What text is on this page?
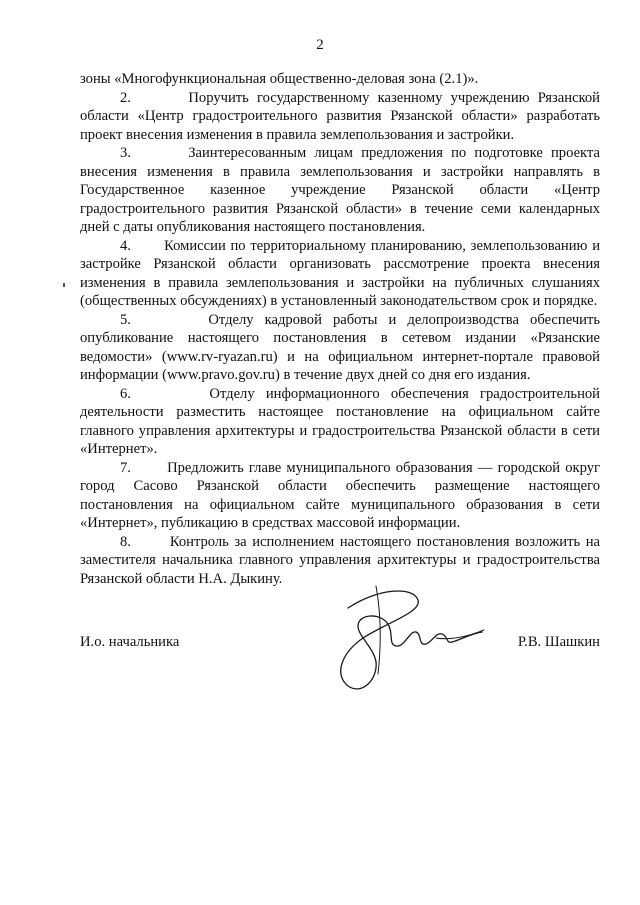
2

зоны «Многофункциональная общественно-деловая зона (2.1)».

2.       Поручить государственному казенному учреждению Рязанской области «Центр градостроительного развития Рязанской области» разработать проект внесения изменения в правила землепользования и застройки.

3.       Заинтересованным лицам предложения по подготовке проекта внесения изменения в правила землепользования и застройки направлять в Государственное казенное учреждение Рязанской области «Центр градостроительного развития Рязанской области» в течение семи календарных дней с даты опубликования настоящего постановления.

4.       Комиссии по территориальному планированию, землепользованию и застройке Рязанской области организовать рассмотрение проекта внесения изменения в правила землепользования и застройки на публичных слушаниях (общественных обсуждениях) в установленный законодательством срок и порядке.

5.       Отделу кадровой работы и делопроизводства обеспечить опубликование настоящего постановления в сетевом издании «Рязанские ведомости» (www.rv-ryazan.ru) и на официальном интернет-портале правовой информации (www.pravo.gov.ru) в течение двух дней со дня его издания.

6.       Отделу информационного обеспечения градостроительной деятельности разместить настоящее постановление на официальном сайте главного управления архитектуры и градостроительства Рязанской области в сети «Интернет».

7.       Предложить главе муниципального образования — городской округ город Сасово Рязанской области обеспечить размещение настоящего постановления на официальном сайте муниципального образования в сети «Интернет», публикацию в средствах массовой информации.

8.       Контроль за исполнением настоящего постановления возложить на заместителя начальника главного управления архитектуры и градостроительства Рязанской области Н.А. Дыкину.

И.о. начальника	Р.В. Шашкин
